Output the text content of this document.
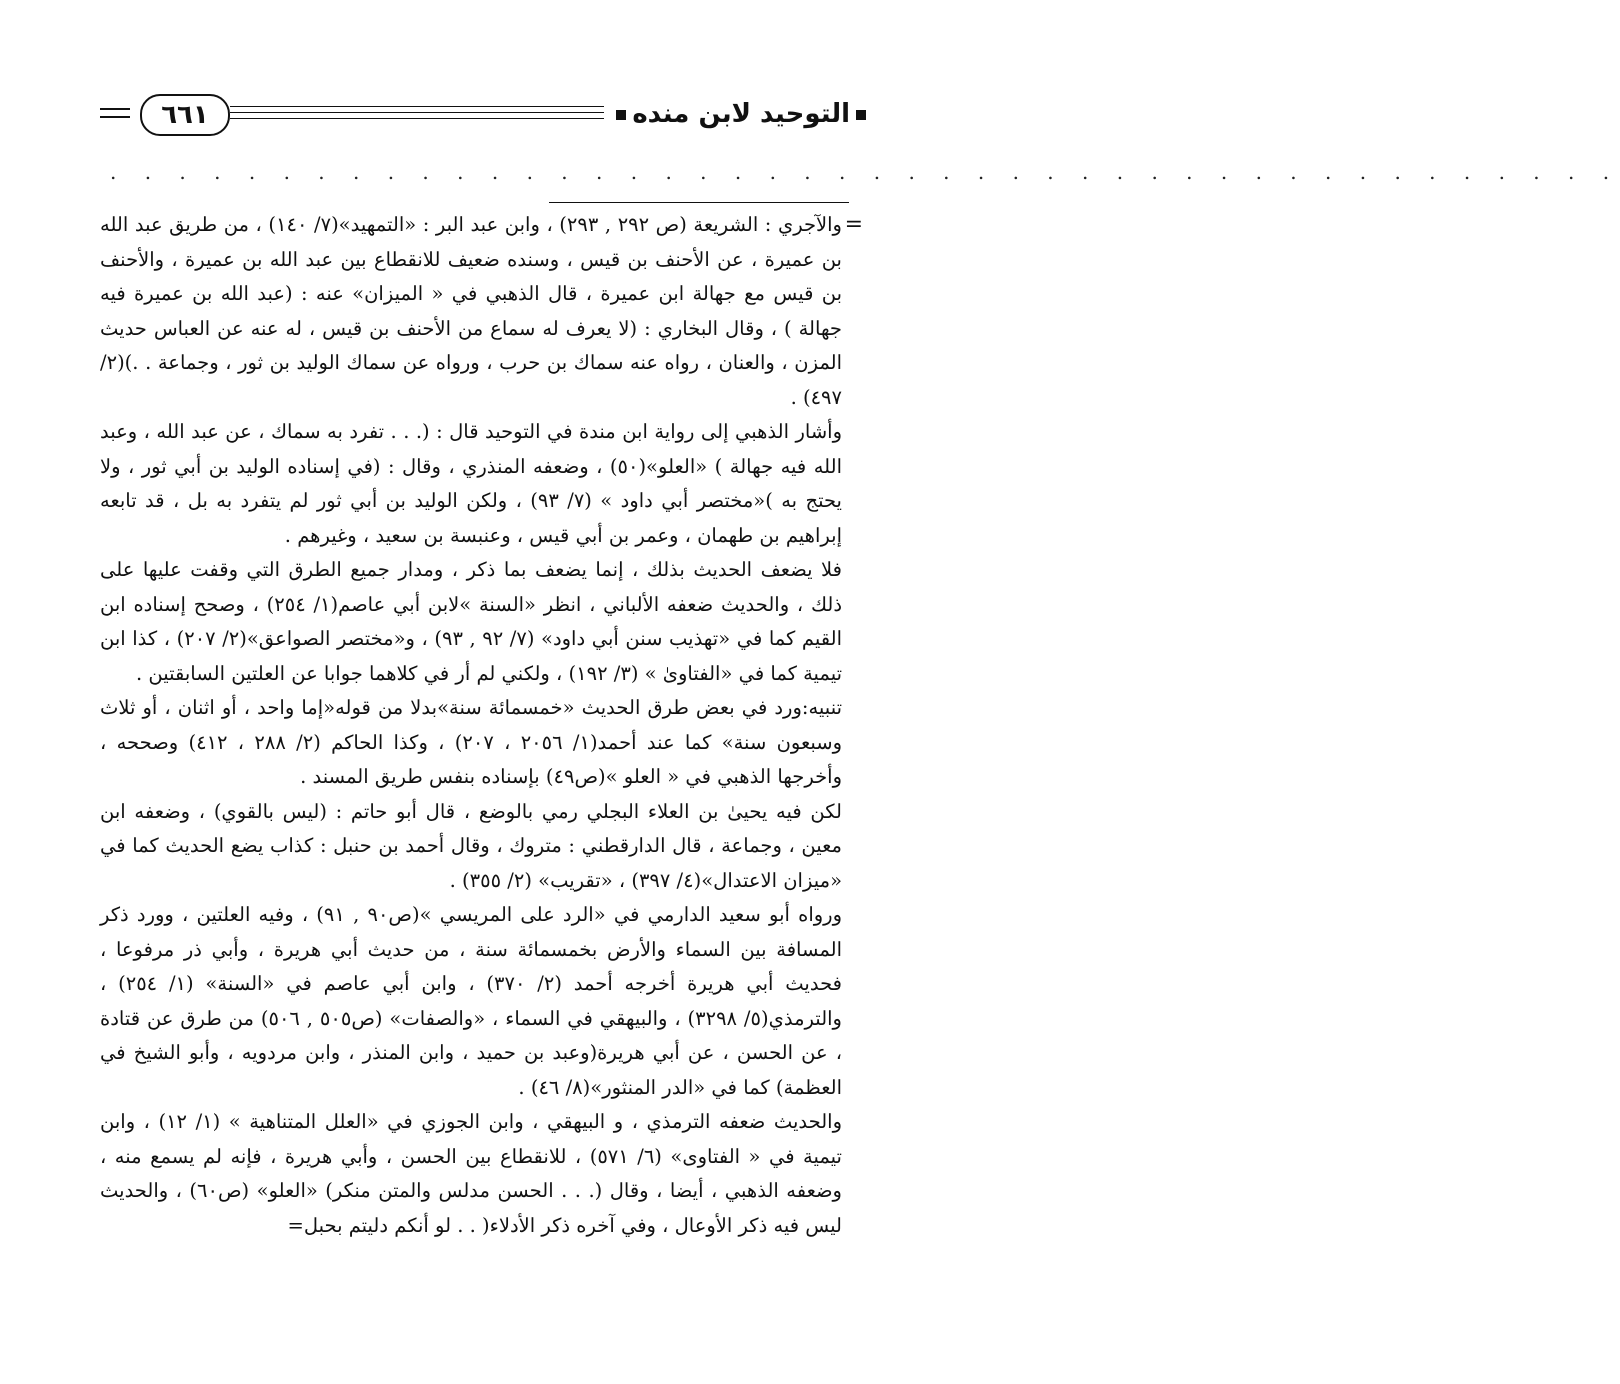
٦٦١	التوحيد لابن منده
. . . . . . . . . . . . . . . . . . . . . . . . . . . . . . . . . . . . . . . . . . . .
=

والآجري : الشريعة (ص ٢٩٢ , ٢٩٣) ، وابن عبد البر : «التمهيد»(٧/ ١٤٠) ، من طريق عبد الله بن عميرة ، عن الأحنف بن قيس ، وسنده ضعيف للانقطاع بين عبد الله بن عميرة ، والأحنف بن قيس مع جهالة ابن عميرة ، قال الذهبي في « الميزان» عنه : (عبد الله بن عميرة فيه جهالة ) ، وقال البخاري : (لا يعرف له سماع من الأحنف بن قيس ، له عنه عن العباس حديث المزن ، والعنان ، رواه عنه سماك بن حرب ، ورواه عن سماك الوليد بن ثور ، وجماعة . .)(٢/ ٤٩٧) .

وأشار الذهبي إلى رواية ابن مندة في التوحيد قال : (. . . تفرد به سماك ، عن عبد الله ، وعبد الله فيه جهالة ) «العلو»(٥٠) ، وضعفه المنذري ، وقال : (في إسناده الوليد بن أبي ثور ، ولا يحتج به )«مختصر أبي داود » (٧/ ٩٣) ، ولكن الوليد بن أبي ثور لم يتفرد به بل ، قد تابعه إبراهيم بن طهمان ، وعمر بن أبي قيس ، وعنبسة بن سعيد ، وغيرهم .

فلا يضعف الحديث بذلك ، إنما يضعف بما ذكر ، ومدار جميع الطرق التي وقفت عليها على ذلك ، والحديث ضعفه الألباني ، انظر «السنة »لابن أبي عاصم(١/ ٢٥٤) ، وصحح إسناده ابن القيم كما في «تهذيب سنن أبي داود» (٧/ ٩٢ , ٩٣) ، و«مختصر الصواعق»(٢/ ٢٠٧) ، كذا ابن تيمية كما في «الفتاوىٰ » (٣/ ١٩٢) ، ولكني لم أر في كلاهما جوابا عن العلتين السابقتين .

تنبيه:ورد في بعض طرق الحديث «خمسمائة سنة»بدلا من قوله«إما واحد ، أو اثنان ، أو ثلاث وسبعون سنة» كما عند أحمد(١/ ٢٠٥٦ ، ٢٠٧) ، وكذا الحاكم (٢/ ٢٨٨ ، ٤١٢) وصححه ، وأخرجها الذهبي في « العلو »(ص٤٩) بإسناده بنفس طريق المسند .

لكن فيه يحيىٰ بن العلاء البجلي رمي بالوضع ، قال أبو حاتم : (ليس بالقوي) ، وضعفه ابن معين ، وجماعة ، قال الدارقطني : متروك ، وقال أحمد بن حنبل : كذاب يضع الحديث كما في «ميزان الاعتدال»(٤/ ٣٩٧) ، «تقريب» (٢/ ٣٥٥) .

ورواه أبو سعيد الدارمي في «الرد على المريسي »(ص٩٠ , ٩١) ، وفيه العلتين ، وورد ذكر المسافة بين السماء والأرض بخمسمائة سنة ، من حديث أبي هريرة ، وأبي ذر مرفوعا ، فحديث أبي هريرة أخرجه أحمد (٢/ ٣٧٠) ، وابن أبي عاصم في «السنة» (١/ ٢٥٤) ، والترمذي(٥/ ٣٢٩٨) ، والبيهقي في السماء ، «والصفات» (ص٥٠٥ , ٥٠٦) من طرق عن قتادة ، عن الحسن ، عن أبي هريرة(وعبد بن حميد ، وابن المنذر ، وابن مردويه ، وأبو الشيخ في العظمة) كما في «الدر المنثور»(٨/ ٤٦) .

والحديث ضعفه الترمذي ، و البيهقي ، وابن الجوزي في «العلل المتناهية » (١/ ١٢) ، وابن تيمية في « الفتاوى» (٦/ ٥٧١) ، للانقطاع بين الحسن ، وأبي هريرة ، فإنه لم يسمع منه ، وضعفه الذهبي ، أيضا ، وقال (. . . الحسن مدلس والمتن منكر) «العلو» (ص٦٠) ، والحديث ليس فيه ذكر الأوعال ، وفي آخره ذكر الأدلاء( . . لو أنكم دليتم بحبل=
